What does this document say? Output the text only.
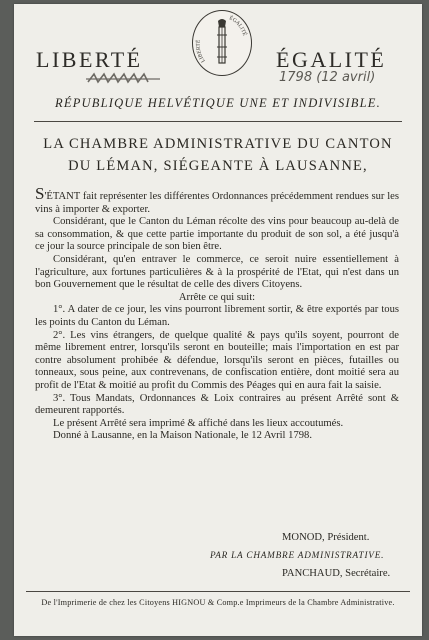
LIBERTÉ	ÉGALITÉ
LIBERTÉ
ÉGALITÉ
1798 (12 avril)
RÉPUBLIQUE HELVÉTIQUE UNE ET INDIVISIBLE.
LA CHAMBRE ADMINISTRATIVE DU CANTON
DU LÉMAN, SIÉGEANTE À LAUSANNE,

S'ÉTANT fait représenter les différentes Ordonnances précédemment rendues sur les vins à importer & exporter.

Considérant, que le Canton du Léman récolte des vins pour beaucoup au-delà de sa consommation, & que cette partie importante du produit de son sol, a été jusqu'à ce jour la source principale de son bien être.

Considérant, qu'en entraver le commerce, ce seroit nuire essentiellement à l'agriculture, aux fortunes particulières & à la prospérité de l'Etat, qui n'est dans un bon Gouvernement que le résultat de celle des divers Citoyens.

Arrête ce qui suit:

1°. A dater de ce jour, les vins pourront librement sortir, & être exportés par tous les points du Canton du Léman.

2°. Les vins étrangers, de quelque qualité & pays qu'ils soyent, pourront de même librement entrer, lorsqu'ils seront en bouteille; mais l'importation en est par contre absolument prohibée & défendue, lorsqu'ils seront en pièces, futailles ou tonneaux, sous peine, aux contrevenans, de confiscation entière, dont moitié sera au profit de l'Etat & moitié au profit du Commis des Péages qui en aura fait la saisie.

3°. Tous Mandats, Ordonnances & Loix contraires au présent Arrêté sont & demeurent rapportés.

Le présent Arrêté sera imprimé & affiché dans les lieux accoutumés.

Donné à Lausanne, en la Maison Nationale, le 12 Avril 1798.

MONOD, Président.
PAR LA CHAMBRE ADMINISTRATIVE.
PANCHAUD, Secrétaire.
De l'Imprimerie de chez les Citoyens HIGNOU & Comp.e Imprimeurs de la Chambre Administrative.
